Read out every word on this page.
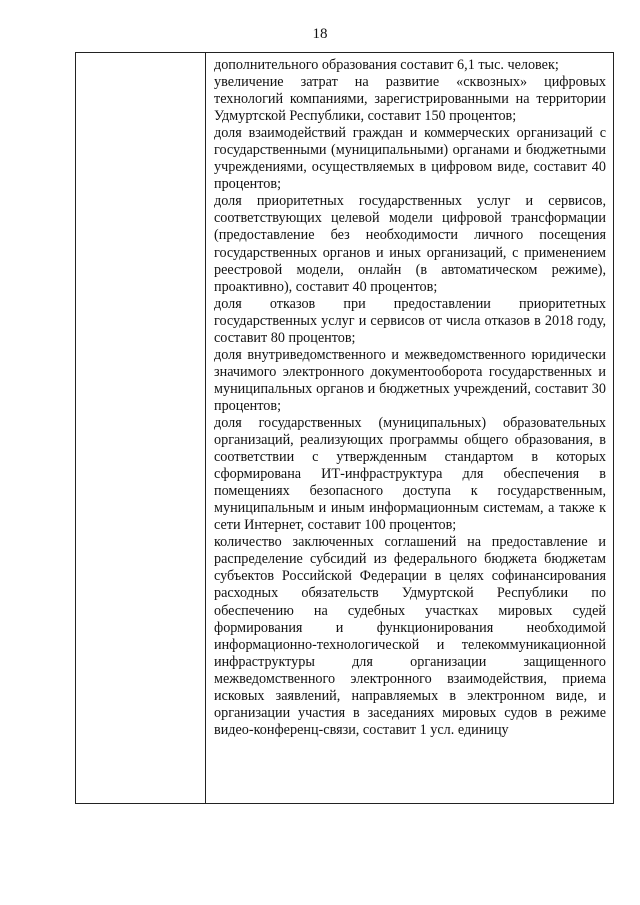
18

дополнительного образования составит 6,1 тыс. человек;

увеличение затрат на развитие «сквозных» цифровых технологий компаниями, зарегистрированными на территории Удмуртской Республики, составит 150 процентов;

доля взаимодействий граждан и коммерческих организаций с государственными (муниципальными) органами и бюджетными учреждениями, осуществляемых в цифровом виде, составит 40 процентов;

доля приоритетных государственных услуг и сервисов, соответствующих целевой модели цифровой трансформации (предоставление без необходимости личного посещения государственных органов и иных организаций, с применением реестровой модели, онлайн (в автоматическом режиме), проактивно), составит 40 процентов;

доля отказов при предоставлении приоритетных государственных услуг и сервисов от числа отказов в 2018 году, составит 80 процентов;

доля внутриведомственного и межведомственного юридически значимого электронного документооборота государственных и муниципальных органов и бюджетных учреждений, составит 30 процентов;

доля государственных (муниципальных) образовательных организаций, реализующих программы общего образования, в соответствии с утвержденным стандартом в которых сформирована ИТ-инфраструктура для обеспечения в помещениях безопасного доступа к государственным, муниципальным и иным информационным системам, а также к сети Интернет, составит 100 процентов;

количество заключенных соглашений на предоставление и распределение субсидий из федерального бюджета бюджетам субъектов Российской Федерации в целях софинансирования расходных обязательств Удмуртской Республики по обеспечению на судебных участках мировых судей формирования и функционирования необходимой информационно-технологической и телекоммуникационной инфраструктуры для организации защищенного межведомственного электронного взаимодействия, приема исковых заявлений, направляемых в электронном виде, и организации участия в заседаниях мировых судов в режиме видео-конференц-связи, составит 1 усл. единицу
